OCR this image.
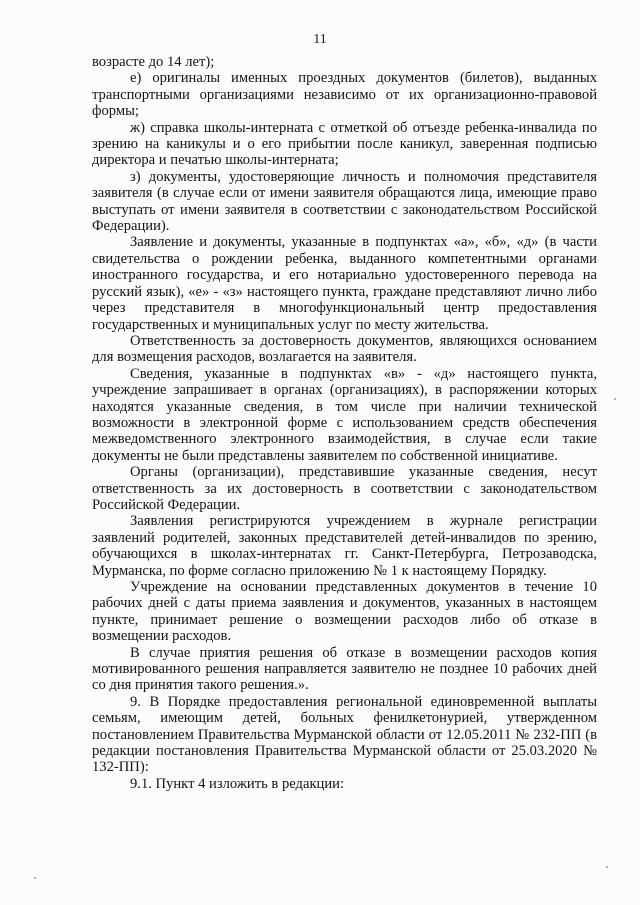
11

возрасте до 14 лет);

е) оригиналы именных проездных документов (билетов), выданных транспортными организациями независимо от их организационно-правовой формы;

ж) справка школы-интерната с отметкой об отъезде ребенка-инвалида по зрению на каникулы и о его прибытии после каникул, заверенная подписью директора и печатью школы-интерната;

з) документы, удостоверяющие личность и полномочия представителя заявителя (в случае если от имени заявителя обращаются лица, имеющие право выступать от имени заявителя в соответствии с законодательством Российской Федерации).

Заявление и документы, указанные в подпунктах «а», «б», «д» (в части свидетельства о рождении ребенка, выданного компетентными органами иностранного государства, и его нотариально удостоверенного перевода на русский язык), «е» - «з» настоящего пункта, граждане представляют лично либо через представителя в многофункциональный центр предоставления государственных и муниципальных услуг по месту жительства.

Ответственность за достоверность документов, являющихся основанием для возмещения расходов, возлагается на заявителя.

Сведения, указанные в подпунктах «в» - «д» настоящего пункта, учреждение запрашивает в органах (организациях), в распоряжении которых находятся указанные сведения, в том числе при наличии технической возможности в электронной форме с использованием средств обеспечения межведомственного электронного взаимодействия, в случае если такие документы не были представлены заявителем по собственной инициативе.

Органы (организации), представившие указанные сведения, несут ответственность за их достоверность в соответствии с законодательством Российской Федерации.

Заявления регистрируются учреждением в журнале регистрации заявлений родителей, законных представителей детей-инвалидов по зрению, обучающихся в школах-интернатах гг. Санкт-Петербурга, Петрозаводска, Мурманска, по форме согласно приложению № 1 к настоящему Порядку.

Учреждение на основании представленных документов в течение 10 рабочих дней с даты приема заявления и документов, указанных в настоящем пункте, принимает решение о возмещении расходов либо об отказе в возмещении расходов.

В случае приятия решения об отказе в возмещении расходов копия мотивированного решения направляется заявителю не позднее 10 рабочих дней со дня принятия такого решения.».

9. В Порядке предоставления региональной единовременной выплаты семьям, имеющим детей, больных фенилкетонурией, утвержденном постановлением Правительства Мурманской области от 12.05.2011 № 232-ПП (в редакции постановления Правительства Мурманской области от 25.03.2020 № 132-ПП):

9.1. Пункт 4 изложить в редакции:
